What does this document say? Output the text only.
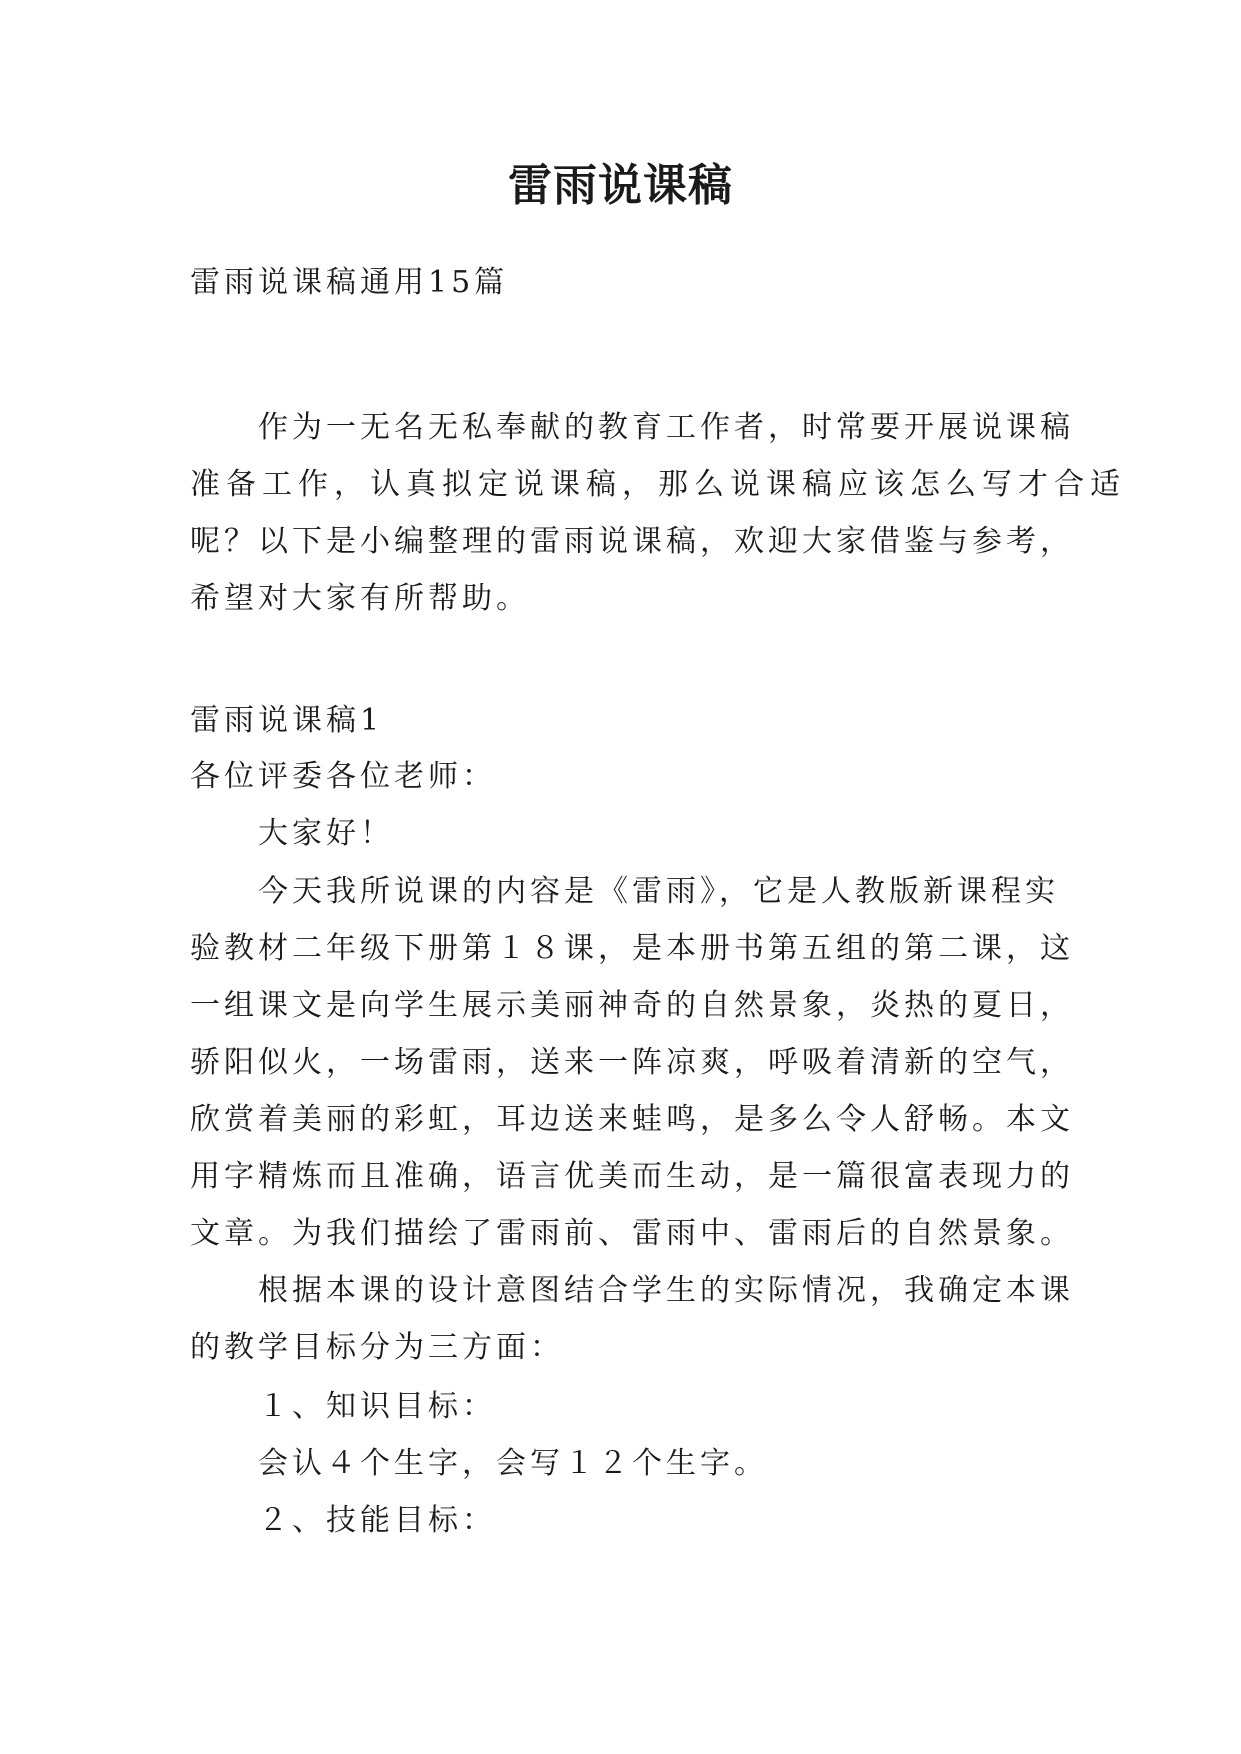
雷雨说课稿
雷雨说课稿通用15篇
作为一无名无私奉献的教育工作者，时常要开展说课稿
准备工作，认真拟定说课稿，那么说课稿应该怎么写才合适
呢？以下是小编整理的雷雨说课稿，欢迎大家借鉴与参考，
希望对大家有所帮助。
雷雨说课稿1
各位评委各位老师：
大家好！
今天我所说课的内容是《雷雨》，它是人教版新课程实
验教材二年级下册第１８课，是本册书第五组的第二课，这
一组课文是向学生展示美丽神奇的自然景象，炎热的夏日，
骄阳似火，一场雷雨，送来一阵凉爽，呼吸着清新的空气，
欣赏着美丽的彩虹，耳边送来蛙鸣，是多么令人舒畅。本文
用字精炼而且准确，语言优美而生动，是一篇很富表现力的
文章。为我们描绘了雷雨前、雷雨中、雷雨后的自然景象。
根据本课的设计意图结合学生的实际情况，我确定本课
的教学目标分为三方面：
１、知识目标：
会认４个生字，会写１２个生字。
２、技能目标：
